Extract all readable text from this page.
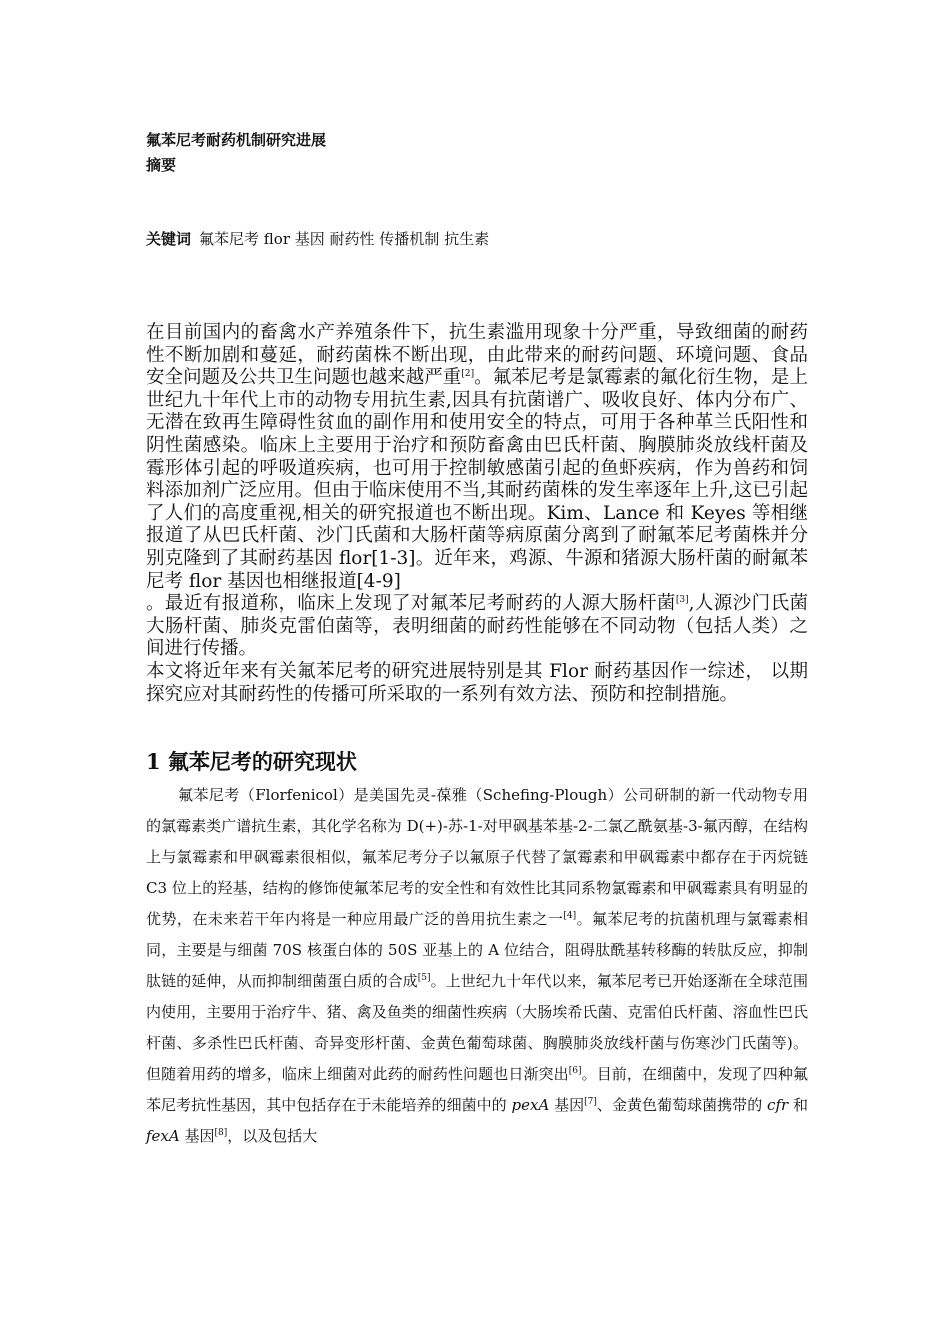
氟苯尼考耐药机制研究进展
摘要
关键词 氟苯尼考 flor 基因 耐药性 传播机制 抗生素

在目前国内的畜禽水产养殖条件下，抗生素滥用现象十分严重，导致细菌的耐药性不断加剧和蔓延，耐药菌株不断出现，由此带来的耐药问题、环境问题、食品安全问题及公共卫生问题也越来越严重[2]。氟苯尼考是氯霉素的氟化衍生物，是上世纪九十年代上市的动物专用抗生素,因具有抗菌谱广、吸收良好、体内分布广、无潜在致再生障碍性贫血的副作用和使用安全的特点，可用于各种革兰氏阳性和阴性菌感染。临床上主要用于治疗和预防畜禽由巴氏杆菌、胸膜肺炎放线杆菌及霉形体引起的呼吸道疾病，也可用于控制敏感菌引起的鱼虾疾病，作为兽药和饲料添加剂广泛应用。但由于临床使用不当,其耐药菌株的发生率逐年上升,这已引起了人们的高度重视,相关的研究报道也不断出现。Kim、Lance 和 Keyes 等相继报道了从巴氏杆菌、沙门氏菌和大肠杆菌等病原菌分离到了耐氟苯尼考菌株并分别克隆到了其耐药基因 flor[1-3]。近年来，鸡源、牛源和猪源大肠杆菌的耐氟苯尼考 flor 基因也相继报道[4-9]

。最近有报道称，临床上发现了对氟苯尼考耐药的人源大肠杆菌[3],人源沙门氏菌大肠杆菌、肺炎克雷伯菌等，表明细菌的耐药性能够在不同动物（包括人类）之间进行传播。

本文将近年来有关氟苯尼考的研究进展特别是其 Flor 耐药基因作一综述， 以期探究应对其耐药性的传播可所采取的一系列有效方法、预防和控制措施。

1 氟苯尼考的研究现状

氟苯尼考（Florfenicol）是美国先灵-葆雅（Schefing-Plough）公司研制的新一代动物专用的氯霉素类广谱抗生素，其化学名称为 D(+)-苏-1-对甲砜基苯基-2-二氯乙酰氨基-3-氟丙醇，在结构上与氯霉素和甲砜霉素很相似，氟苯尼考分子以氟原子代替了氯霉素和甲砜霉素中都存在于丙烷链 C3 位上的羟基，结构的修饰使氟苯尼考的安全性和有效性比其同系物氯霉素和甲砜霉素具有明显的优势，在未来若干年内将是一种应用最广泛的兽用抗生素之一[4]。氟苯尼考的抗菌机理与氯霉素相同，主要是与细菌 70S 核蛋白体的 50S 亚基上的 A 位结合，阻碍肽酰基转移酶的转肽反应，抑制肽链的延伸，从而抑制细菌蛋白质的合成[5]。上世纪九十年代以来，氟苯尼考已开始逐渐在全球范围内使用，主要用于治疗牛、猪、禽及鱼类的细菌性疾病（大肠埃希氏菌、克雷伯氏杆菌、溶血性巴氏杆菌、多杀性巴氏杆菌、奇异变形杆菌、金黄色葡萄球菌、胸膜肺炎放线杆菌与伤寒沙门氏菌等)。但随着用药的增多，临床上细菌对此药的耐药性问题也日渐突出[6]。目前，在细菌中，发现了四种氟苯尼考抗性基因，其中包括存在于未能培养的细菌中的 pexA 基因[7]、金黄色葡萄球菌携带的 cfr 和 fexA 基因[8]，以及包括大
